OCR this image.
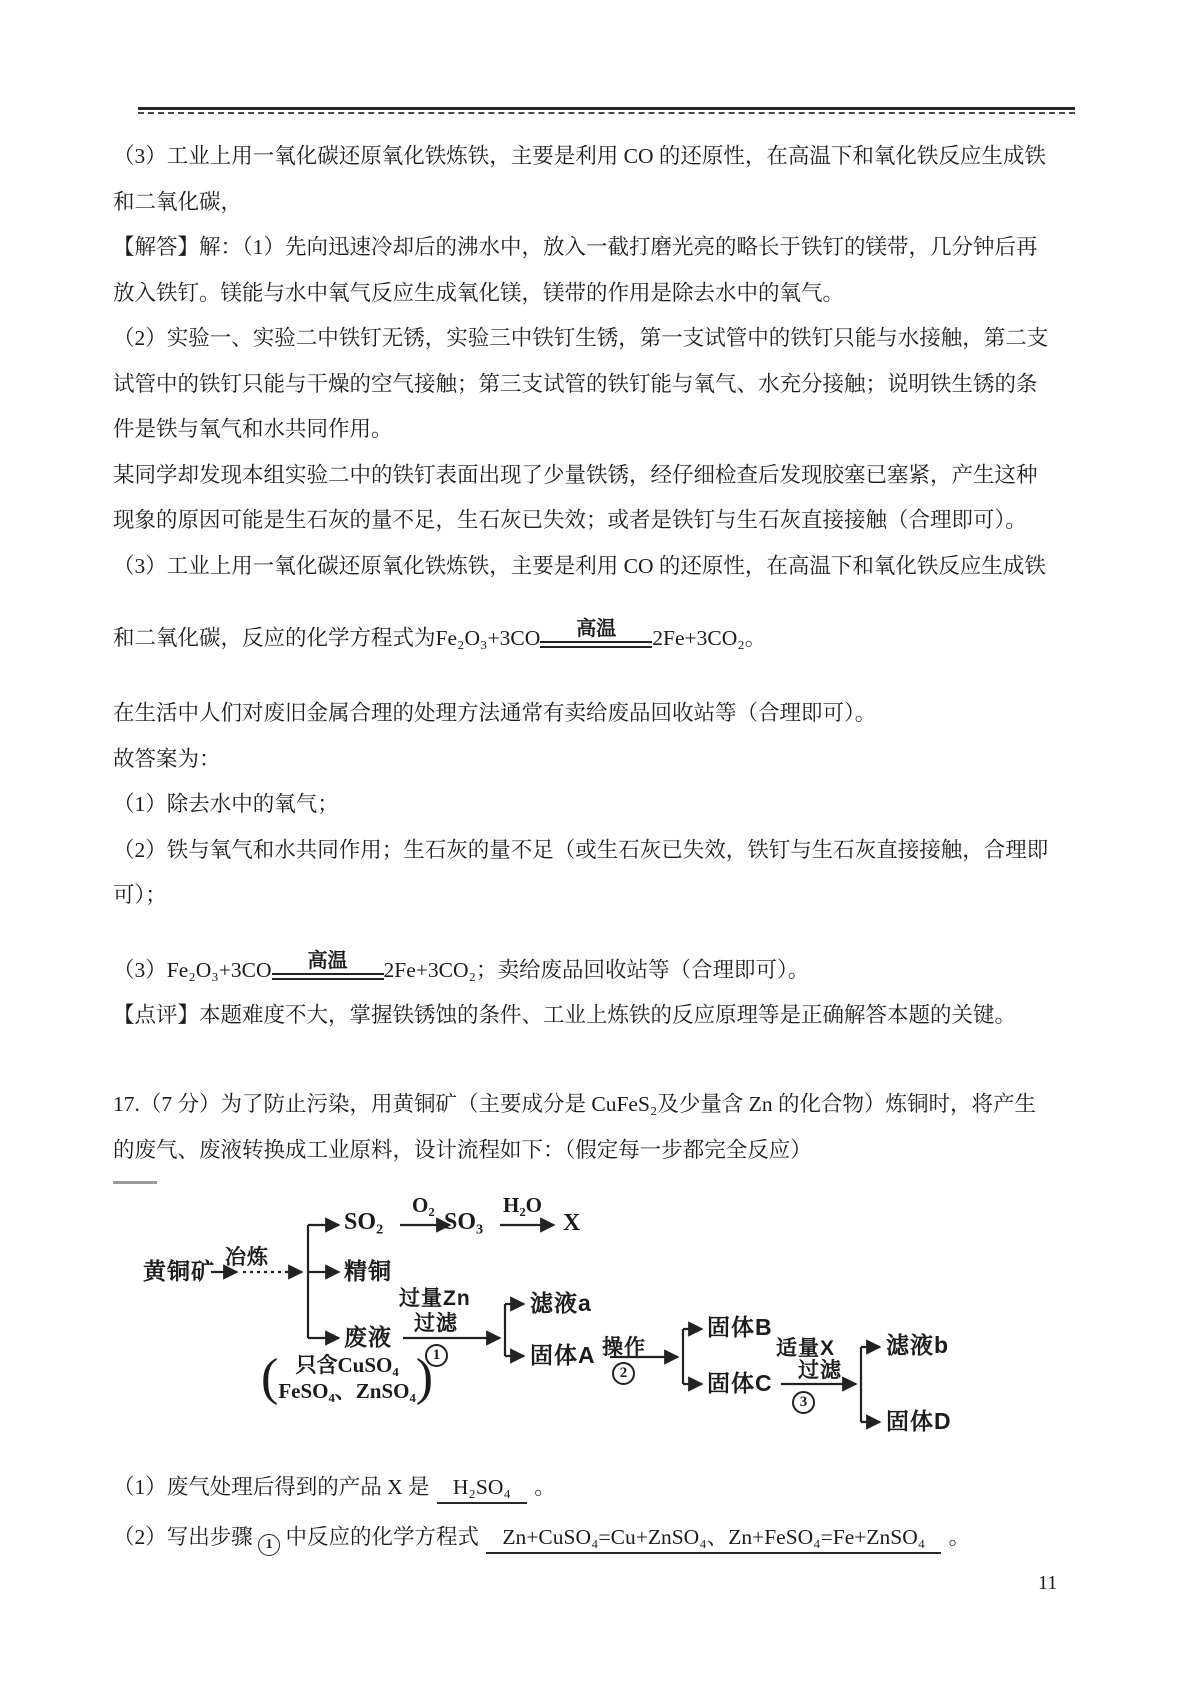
（3）工业上用一氧化碳还原氧化铁炼铁，主要是利用 CO 的还原性，在高温下和氧化铁反应生成铁
和二氧化碳，
【解答】解：（1）先向迅速冷却后的沸水中，放入一截打磨光亮的略长于铁钉的镁带，几分钟后再
放入铁钉。镁能与水中氧气反应生成氧化镁，镁带的作用是除去水中的氧气。
（2）实验一、实验二中铁钉无锈，实验三中铁钉生锈，第一支试管中的铁钉只能与水接触，第二支
试管中的铁钉只能与干燥的空气接触；第三支试管的铁钉能与氧气、水充分接触；说明铁生锈的条
件是铁与氧气和水共同作用。
某同学却发现本组实验二中的铁钉表面出现了少量铁锈，经仔细检查后发现胶塞已塞紧，产生这种
现象的原因可能是生石灰的量不足，生石灰已失效；或者是铁钉与生石灰直接接触（合理即可）。
（3）工业上用一氧化碳还原氧化铁炼铁，主要是利用 CO 的还原性，在高温下和氧化铁反应生成铁
和二氧化碳，反应的化学方程式为 Fe₂O₃+3CO 高温 2Fe+3CO₂。
在生活中人们对废旧金属合理的处理方法通常有卖给废品回收站等（合理即可）。
故答案为：
（1）除去水中的氧气；
（2）铁与氧气和水共同作用；生石灰的量不足（或生石灰已失效，铁钉与生石灰直接接触，合理即
可）；
（3） Fe₂O₃+3CO 高温 2Fe+3CO₂；卖给废品回收站等（合理即可）。
【点评】本题难度不大，掌握铁锈蚀的条件、工业上炼铁的反应原理等是正确解答本题的关键。
17.（7 分）为了防止污染，用黄铜矿（主要成分是 CuFeS₂及少量含 Zn 的化合物）炼铜时，将产生
的废气、废液转换成工业原料，设计流程如下：（假定每一步都完全反应）
黄铜矿
冶炼
SO₂
O₂
SO₃
H₂O
X
精铜
废液
过量Zn
过滤
1
( 只含CuSO₄
FeSO₄、ZnSO₄ )
滤液a
固体A 操作
2
固体B
固体C
适量X
过滤
3
滤液b
固体D
（1）废气处理后得到的产品 X 是 H₂SO₄ 。
（2）写出步骤 1 中反应的化学方程式 Zn+CuSO₄=Cu+ZnSO₄、Zn+FeSO₄=Fe+ZnSO₄ 。
11
